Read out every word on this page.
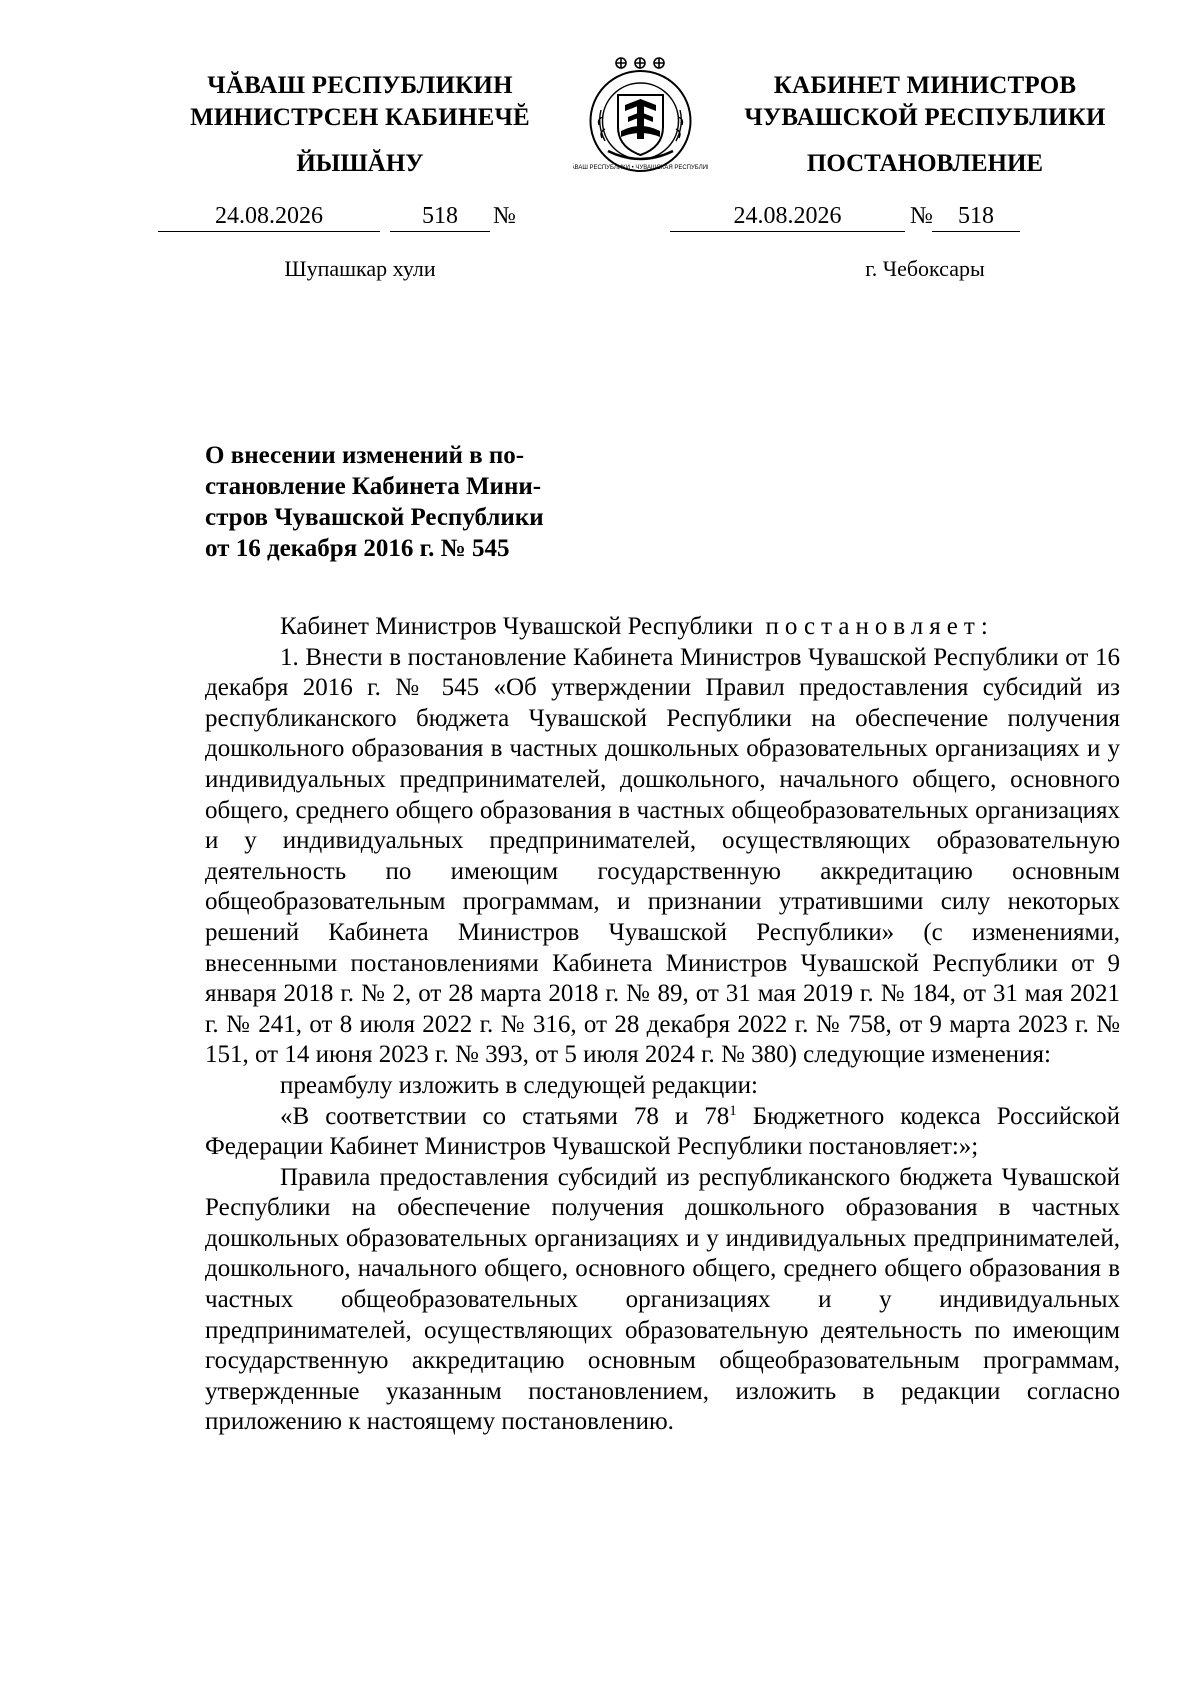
ЧĂВАШ РЕСПУБЛИКИН
МИНИСТРСЕН КАБИНЕЧĔ
ЙЫШĂНУ
КАБИНЕТ МИНИСТРОВ
ЧУВАШСКОЙ РЕСПУБЛИКИ
ПОСТАНОВЛЕНИЕ
ЧĂВАШ РЕСПУБЛИКИ • ЧУВАШСКАЯ РЕСПУБЛИКА
24.08.2026	518	№	24.08.2026	№	518
Шупашкар хули	г. Чебоксары
О внесении изменений в по-
становление Кабинета Мини-
стров Чувашской Республики
от 16 декабря 2016 г. № 545

Кабинет Министров Чувашской Республики постановляет:

1. Внести в постановление Кабинета Министров Чувашской Республики от 16 декабря 2016 г. № 545 «Об утверждении Правил предоставления субсидий из республиканского бюджета Чувашской Республики на обеспечение получения дошкольного образования в частных дошкольных образовательных организациях и у индивидуальных предпринимателей, дошкольного, начального общего, основного общего, среднего общего образования в частных общеобразовательных организациях и у индивидуальных предпринимателей, осуществляющих образовательную деятельность по имеющим государственную аккредитацию основным общеобразовательным программам, и признании утратившими силу некоторых решений Кабинета Министров Чувашской Республики» (с изменениями, внесенными постановлениями Кабинета Министров Чувашской Республики от 9 января 2018 г. № 2, от 28 марта 2018 г. № 89, от 31 мая 2019 г. № 184, от 31 мая 2021 г. № 241, от 8 июля 2022 г. № 316, от 28 декабря 2022 г. № 758, от 9 марта 2023 г. № 151, от 14 июня 2023 г. № 393, от 5 июля 2024 г. № 380) следующие изменения:

преамбулу изложить в следующей редакции:

«В соответствии со статьями 78 и $78^1$ Бюджетного кодекса Российской Федерации Кабинет Министров Чувашской Республики постановляет:»;

Правила предоставления субсидий из республиканского бюджета Чувашской Республики на обеспечение получения дошкольного образования в частных дошкольных образовательных организациях и у индивидуальных предпринимателей, дошкольного, начального общего, основного общего, среднего общего образования в частных общеобразовательных организациях и у индивидуальных предпринимателей, осуществляющих образовательную деятельность по имеющим государственную аккредитацию основным общеобразовательным программам, утвержденные указанным постановлением, изложить в редакции согласно приложению к настоящему постановлению.
